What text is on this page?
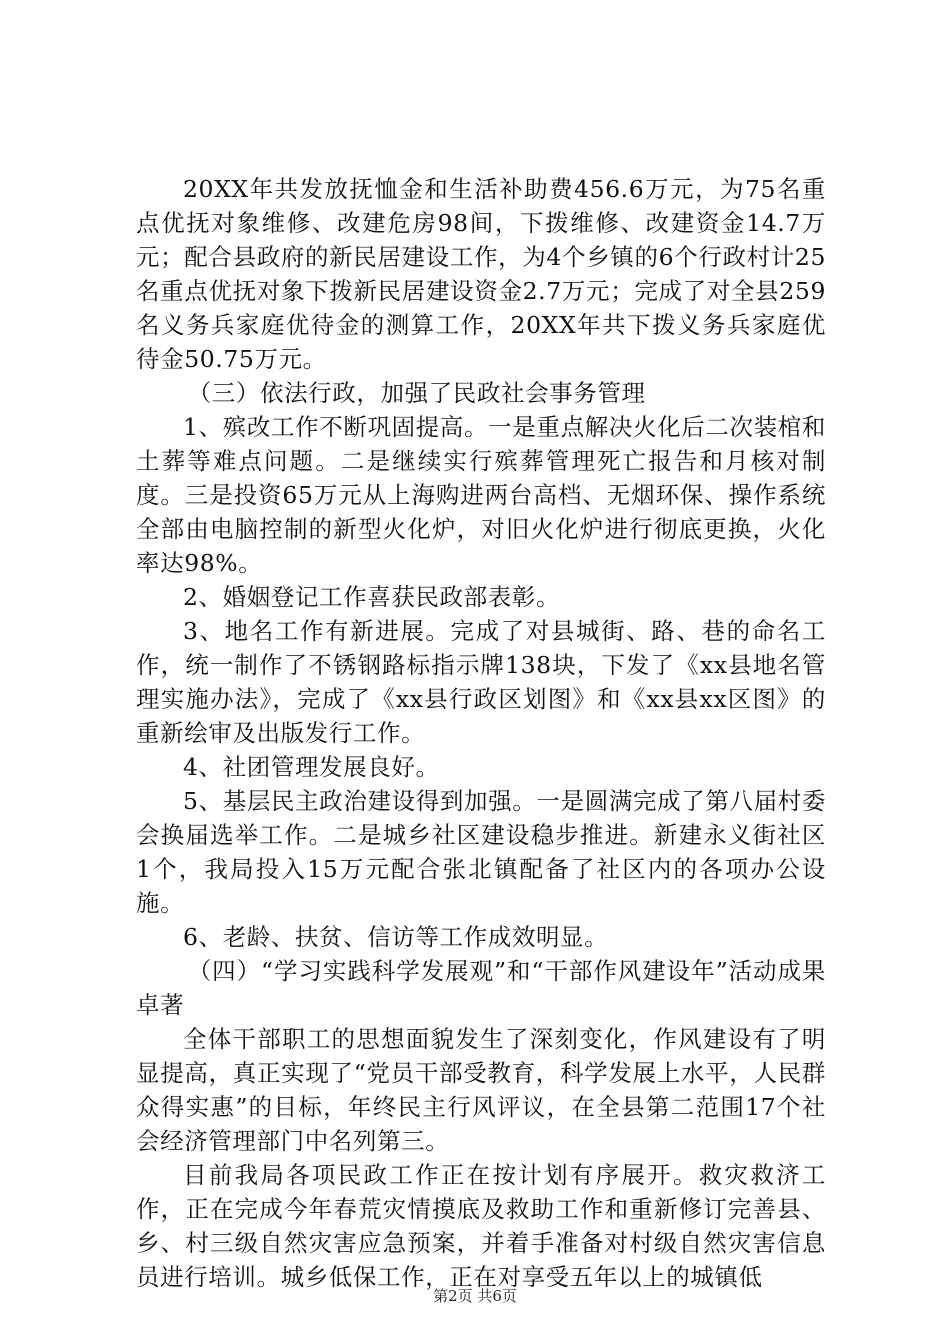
20XX年共发放抚恤金和生活补助费456.6万元，为75名重点优抚对象维修、改建危房98间，下拨维修、改建资金14.7万元；配合县政府的新民居建设工作，为4个乡镇的6个行政村计25名重点优抚对象下拨新民居建设资金2.7万元；完成了对全县259名义务兵家庭优待金的测算工作，20XX年共下拨义务兵家庭优待金50.75万元。

（三）依法行政，加强了民政社会事务管理

1、殡改工作不断巩固提高。一是重点解决火化后二次装棺和土葬等难点问题。二是继续实行殡葬管理死亡报告和月核对制度。三是投资65万元从上海购进两台高档、无烟环保、操作系统全部由电脑控制的新型火化炉，对旧火化炉进行彻底更换，火化率达98%。

2、婚姻登记工作喜获民政部表彰。

3、地名工作有新进展。完成了对县城街、路、巷的命名工作，统一制作了不锈钢路标指示牌138块，下发了《xx县地名管理实施办法》，完成了《xx县行政区划图》和《xx县xx区图》的重新绘审及出版发行工作。

4、社团管理发展良好。

5、基层民主政治建设得到加强。一是圆满完成了第八届村委会换届选举工作。二是城乡社区建设稳步推进。新建永义街社区1个，我局投入15万元配合张北镇配备了社区内的各项办公设施。

6、老龄、扶贫、信访等工作成效明显。

（四）“学习实践科学发展观”和“干部作风建设年”活动成果卓著

全体干部职工的思想面貌发生了深刻变化，作风建设有了明显提高，真正实现了“党员干部受教育，科学发展上水平，人民群众得实惠”的目标，年终民主行风评议，在全县第二范围17个社会经济管理部门中名列第三。

目前我局各项民政工作正在按计划有序展开。救灾救济工作，正在完成今年春荒灾情摸底及救助工作和重新修订完善县、乡、村三级自然灾害应急预案，并着手准备对村级自然灾害信息员进行培训。城乡低保工作，正在对享受五年以上的城镇低

第2页 共6页
